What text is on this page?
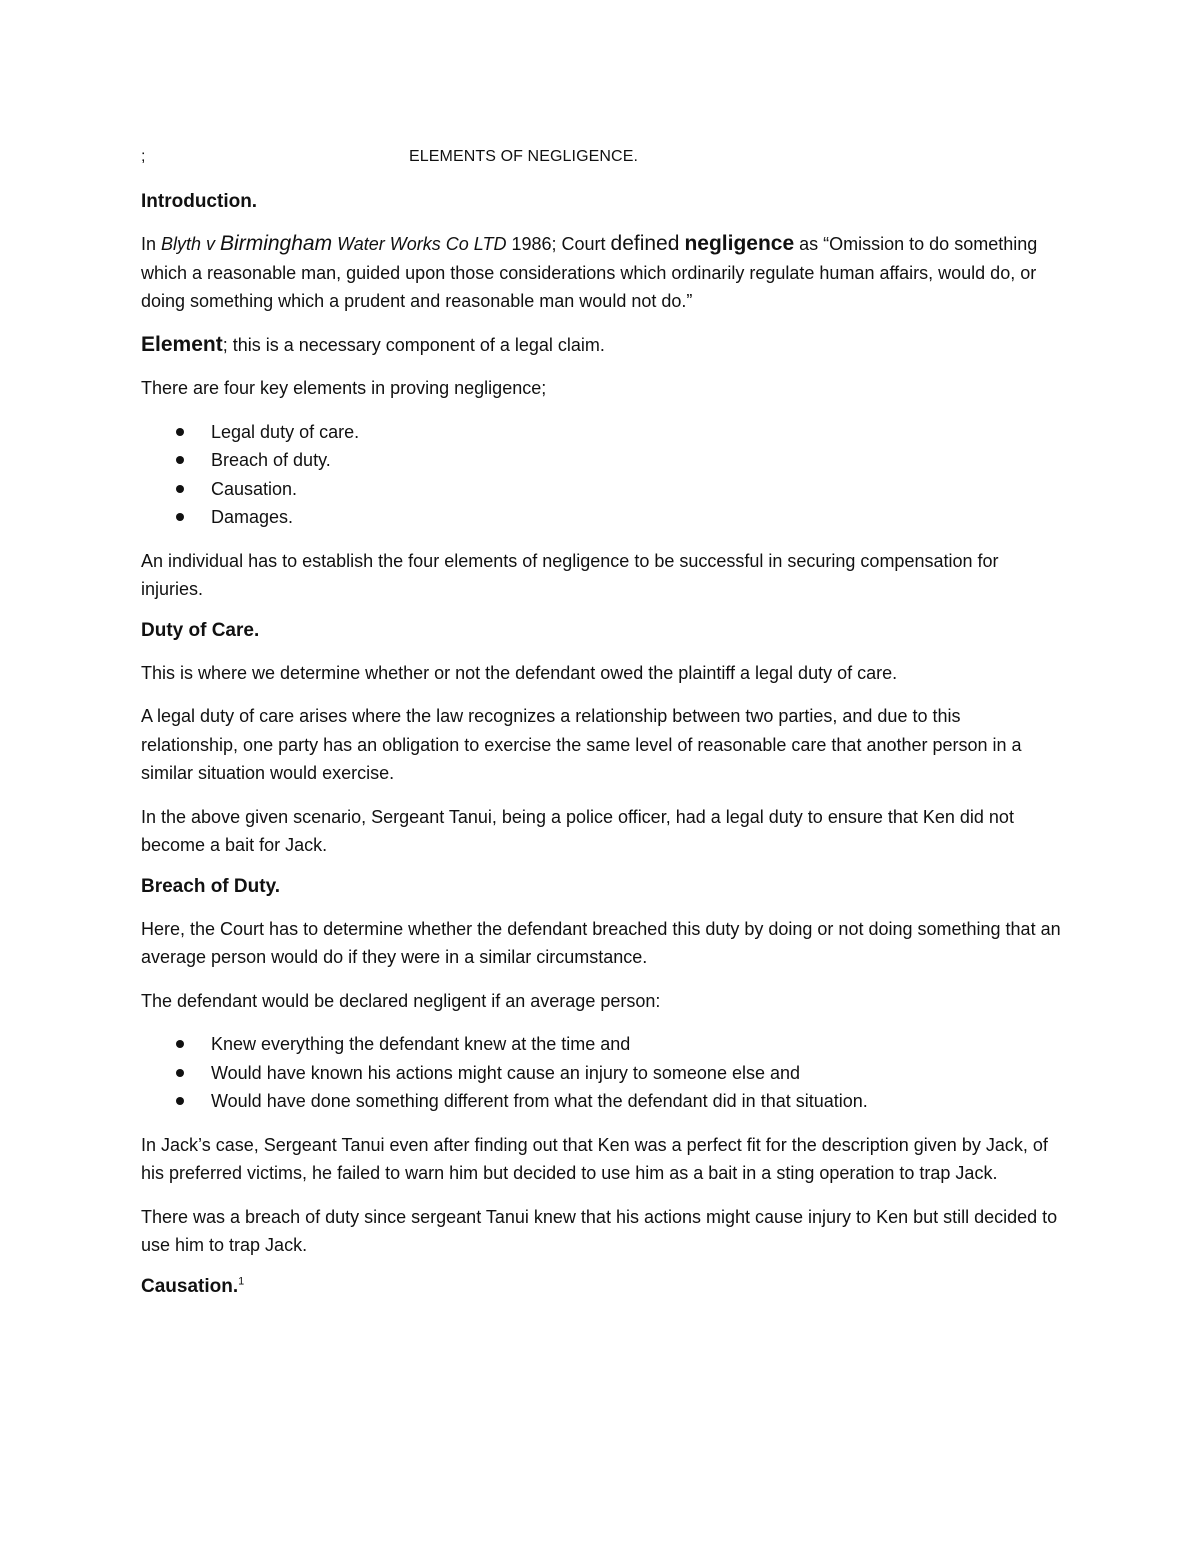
;	ELEMENTS OF NEGLIGENCE.
Introduction.

In Blyth v Birmingham Water Works Co LTD 1986; Court defined negligence as “Omission to do something which a reasonable man, guided upon those considerations which ordinarily regulate human affairs, would do, or doing something which a prudent and reasonable man would not do.”

Element; this is a necessary component of a legal claim.

There are four key elements in proving negligence;

Legal duty of care.
Breach of duty.
Causation.
Damages.

An individual has to establish the four elements of negligence to be successful in securing compensation for injuries.

Duty of Care.

This is where we determine whether or not the defendant owed the plaintiff a legal duty of care.

A legal duty of care arises where the law recognizes a relationship between two parties, and due to this relationship, one party has an obligation to exercise the same level of reasonable care that another person in a similar situation would exercise.

In the above given scenario, Sergeant Tanui, being a police officer, had a legal duty to ensure that Ken did not become a bait for Jack.

Breach of Duty.

Here, the Court has to determine whether the defendant breached this duty by doing or not doing something that an average person would do if they were in a similar circumstance.

The defendant would be declared negligent if an average person:

Knew everything the defendant knew at the time and
Would have known his actions might cause an injury to someone else and
Would have done something different from what the defendant did in that situation.

In Jack’s case, Sergeant Tanui even after finding out that Ken was a perfect fit for the description given by Jack, of his preferred victims, he failed to warn him but decided to use him as a bait in a sting operation to trap Jack.

There was a breach of duty since sergeant Tanui knew that his actions might cause injury to Ken but still decided to use him to trap Jack.

Causation.$^1$
